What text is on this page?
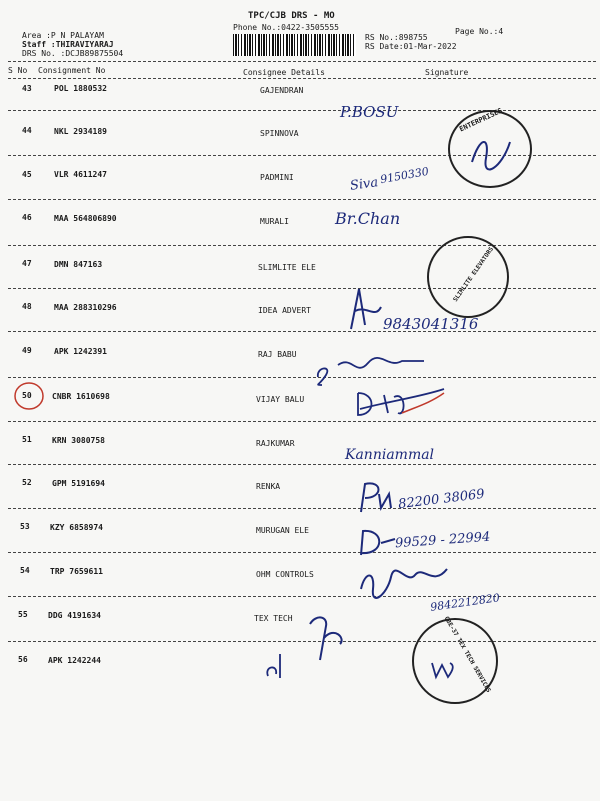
TPC/CJB DRS - MO
Phone No.:0422-3505555
Area :P N PALAYAM
Staff :THIRAVIYARAJ
DRS No. :DCJB89875504
RS No.:898755
RS Date:01-Mar-2022
Page No.:4
S No Consignment No	Consignee Details	Signature
43	POL 1880532	GAJENDRAN
44	NKL 2934189	SPINNOVA
45	VLR 4611247	PADMINI
46	MAA 564806890	MURALI
47	DMN 847163	SLIMLITE ELE
48	MAA 288310296	IDEA ADVERT
49	APK 1242391	RAJ BABU
50	CNBR 1610698	VIJAY BALU
51	KRN 3080758	RAJKUMAR
52	GPM 5191694	RENKA
53	KZY 6858974	MURUGAN ELE
54	TRP 7659611	OHM CONTROLS
55	DDG 4191634	TEX TECH
56	APK 1242244
P.BOSU	ENTERPRISES
Siva 9150330
Br.Chan
SLIMLITE ELEVATORS
9843041316
Kanniammal
82200 38069
99529 - 22994
9842212820
CBE-37 TEX TECH SERVICES
